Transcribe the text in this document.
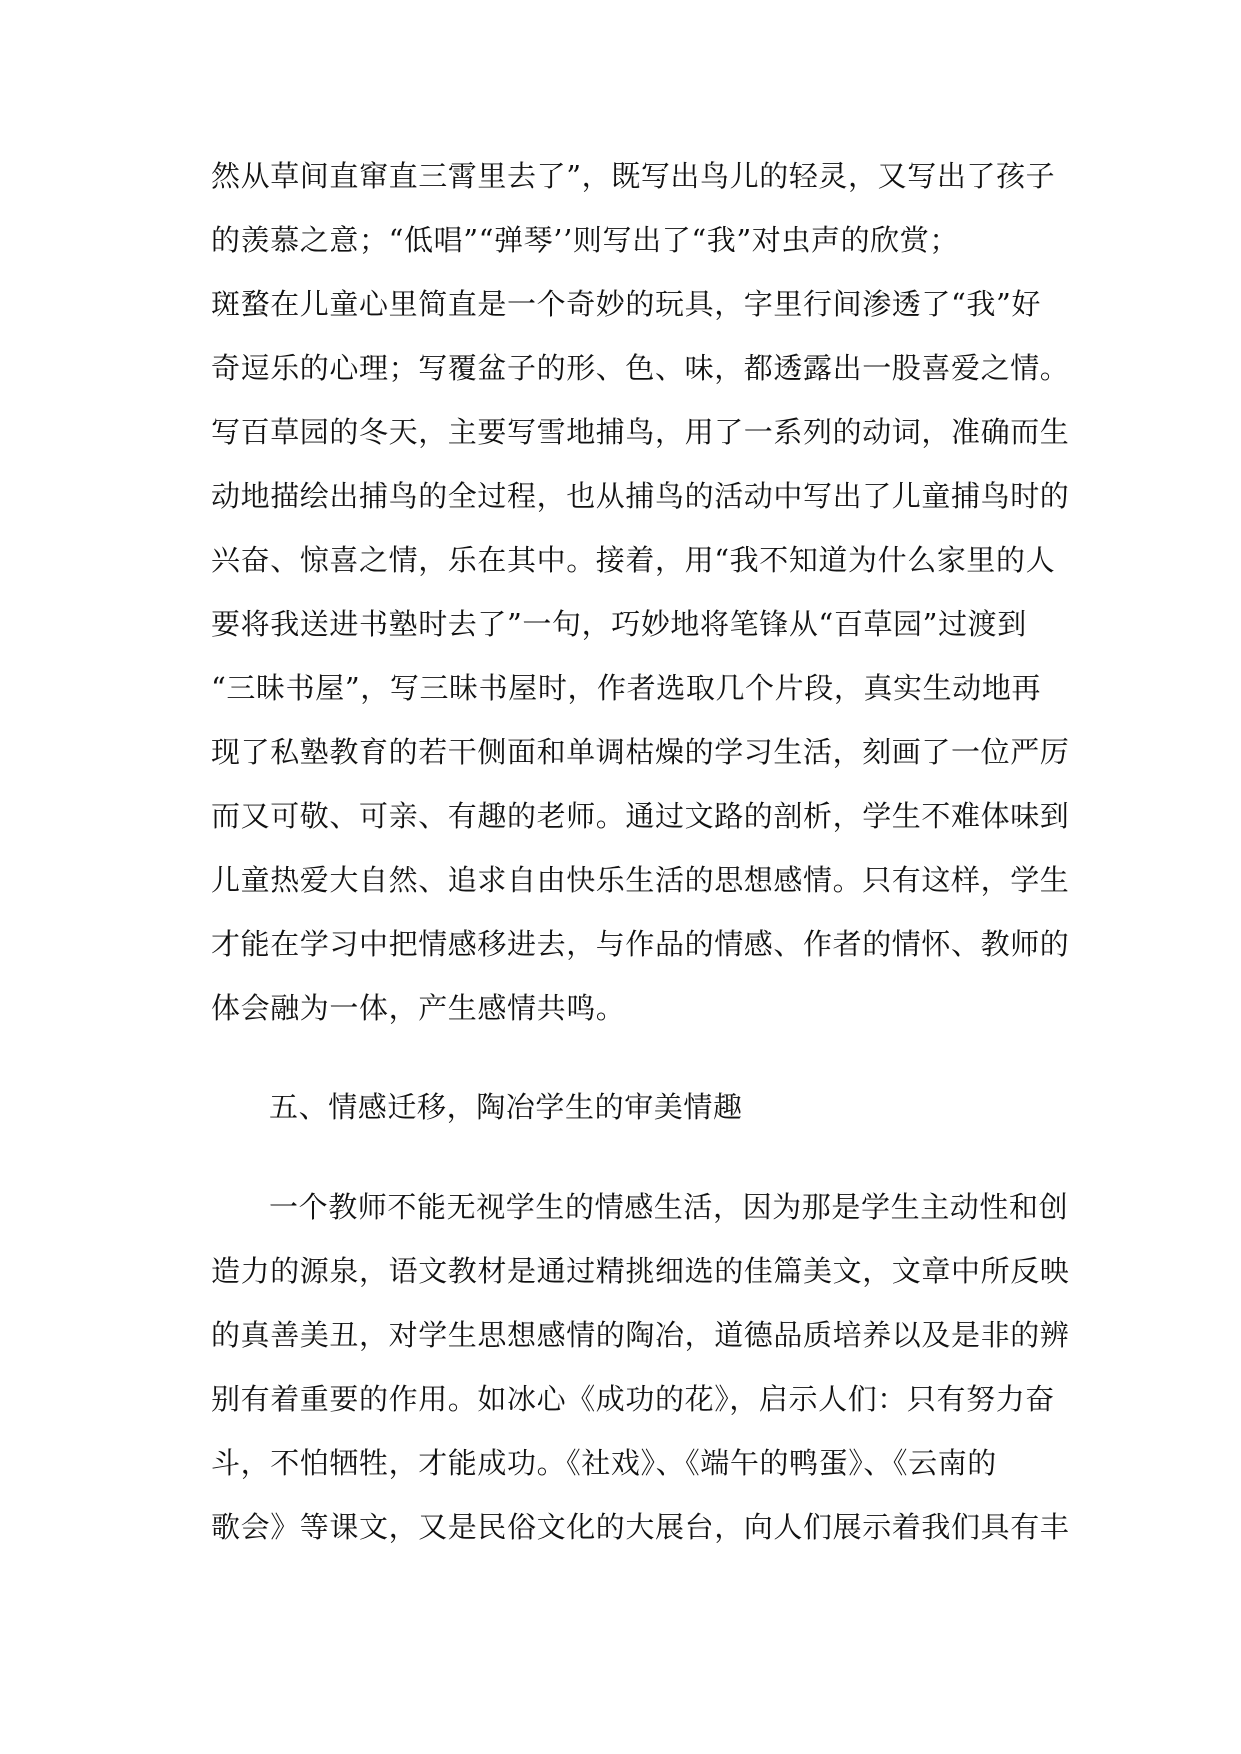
然从草间直窜直三霄里去了”，既写出鸟儿的轻灵，又写出了孩子
的羡慕之意；“低唱”“弹琴’’则写出了“我”对虫声的欣赏；
斑蝥在儿童心里简直是一个奇妙的玩具，字里行间渗透了“我”好
奇逗乐的心理；写覆盆子的形、色、味，都透露出一股喜爱之情。
写百草园的冬天，主要写雪地捕鸟，用了一系列的动词，准确而生
动地描绘出捕鸟的全过程，也从捕鸟的活动中写出了儿童捕鸟时的
兴奋、惊喜之情，乐在其中。接着，用“我不知道为什么家里的人
要将我送进书塾时去了”一句，巧妙地将笔锋从“百草园”过渡到
“三昧书屋”，写三昧书屋时，作者选取几个片段，真实生动地再
现了私塾教育的若干侧面和单调枯燥的学习生活，刻画了一位严厉
而又可敬、可亲、有趣的老师。通过文路的剖析，学生不难体味到
儿童热爱大自然、追求自由快乐生活的思想感情。只有这样，学生
才能在学习中把情感移进去，与作品的情感、作者的情怀、教师的
体会融为一体，产生感情共鸣。
五、情感迁移，陶冶学生的审美情趣
一个教师不能无视学生的情感生活，因为那是学生主动性和创
造力的源泉，语文教材是通过精挑细选的佳篇美文，文章中所反映
的真善美丑，对学生思想感情的陶冶，道德品质培养以及是非的辨
别有着重要的作用。如冰心《成功的花》，启示人们：只有努力奋
斗，不怕牺牲，才能成功。《社戏》、《端午的鸭蛋》、《云南的
歌会》等课文，又是民俗文化的大展台，向人们展示着我们具有丰
